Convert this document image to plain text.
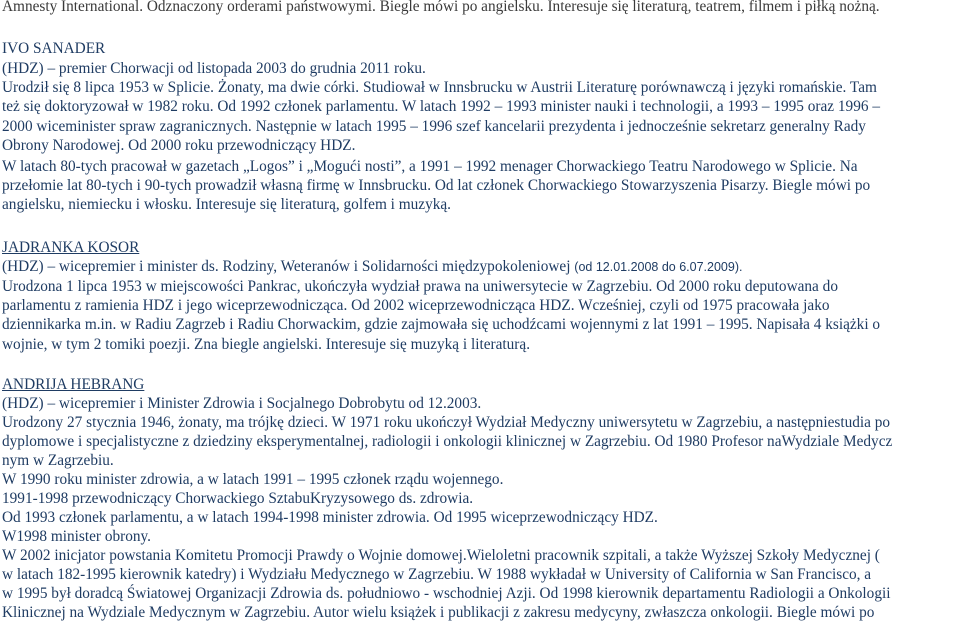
Amnesty International. Odznaczony orderami państwowymi. Biegle mówi po angielsku. Interesuje się literaturą, teatrem, filmem i piłką nożną.
IVO SANADER
(HDZ) – premier Chorwacji od listopada 2003 do grudnia 2011 roku.
Urodził się 8 lipca 1953 w Splicie. Żonaty, ma dwie córki. Studiował w Innsbrucku w Austrii Literaturę porównawczą i języki romańskie. Tam
też się doktoryzował w 1982 roku. Od 1992 członek parlamentu. W latach 1992 – 1993 minister nauki i technologii, a 1993 – 1995 oraz 1996 –
2000 wiceminister spraw zagranicznych. Następnie w latach 1995 – 1996 szef kancelarii prezydenta i jednocześnie sekretarz generalny Rady
Obrony Narodowej. Od 2000 roku przewodniczący HDZ.
W latach 80-tych pracował w gazetach „Logos” i „Mogući nosti”, a 1991 – 1992 menager Chorwackiego Teatru Narodowego w Splicie. Na
przełomie lat 80-tych i 90-tych prowadził własną firmę w Innsbrucku. Od lat członek Chorwackiego Stowarzyszenia Pisarzy. Biegle mówi po
angielsku, niemiecku i włosku. Interesuje się literaturą, golfem i muzyką.
JADRANKA KOSOR
(HDZ) – wicepremier i minister ds. Rodziny, Weteranów i Solidarności międzypokoleniowej (od 12.01.2008 do 6.07.2009).
Urodzona 1 lipca 1953 w miejscowości Pankrac, ukończyła wydział prawa na uniwersytecie w Zagrzebiu. Od 2000 roku deputowana do
parlamentu z ramienia HDZ i jego wiceprzewodnicząca. Od 2002 wiceprzewodnicząca HDZ. Wcześniej, czyli od 1975 pracowała jako
dziennikarka m.in. w Radiu Zagrzeb i Radiu Chorwackim, gdzie zajmowała się uchodźcami wojennymi z lat 1991 – 1995. Napisała 4 książki o
wojnie, w tym 2 tomiki poezji. Zna biegle angielski. Interesuje się muzyką i literaturą.
ANDRIJA HEBRANG
(HDZ) – wicepremier i Minister Zdrowia i Socjalnego Dobrobytu od 12.2003.
Urodzony 27 stycznia 1946, żonaty, ma trójkę dzieci. W 1971 roku ukończył Wydział Medyczny uniwersytetu w Zagrzebiu, a następniestudia po
dyplomowe i specjalistyczne z dziedziny eksperymentalnej, radiologii i onkologii klinicznej w Zagrzebiu. Od 1980 Profesor naWydziale Medycz
nym w Zagrzebiu.
W 1990 roku minister zdrowia, a w latach 1991 – 1995 członek rządu wojennego.
1991-1998 przewodniczący Chorwackiego SztabuKryzysowego ds. zdrowia.
Od 1993 członek parlamentu, a w latach 1994-1998 minister zdrowia. Od 1995 wiceprzewodniczący HDZ.
W1998 minister obrony.
W 2002 inicjator powstania Komitetu Promocji Prawdy o Wojnie domowej.Wieloletni pracownik szpitali, a także Wyższej Szkoły Medycznej (
w latach 182-1995 kierownik katedry) i Wydziału Medycznego w Zagrzebiu. W 1988 wykładał w University of California w San Francisco, a
w 1995 był doradcą Światowej Organizacji Zdrowia ds. południowo - wschodniej Azji. Od 1998 kierownik departamentu Radiologii a Onkologii
Klinicznej na Wydziale Medycznym w Zagrzebiu. Autor wielu książek i publikacji z zakresu medycyny, zwłaszcza onkologii. Biegle mówi po
